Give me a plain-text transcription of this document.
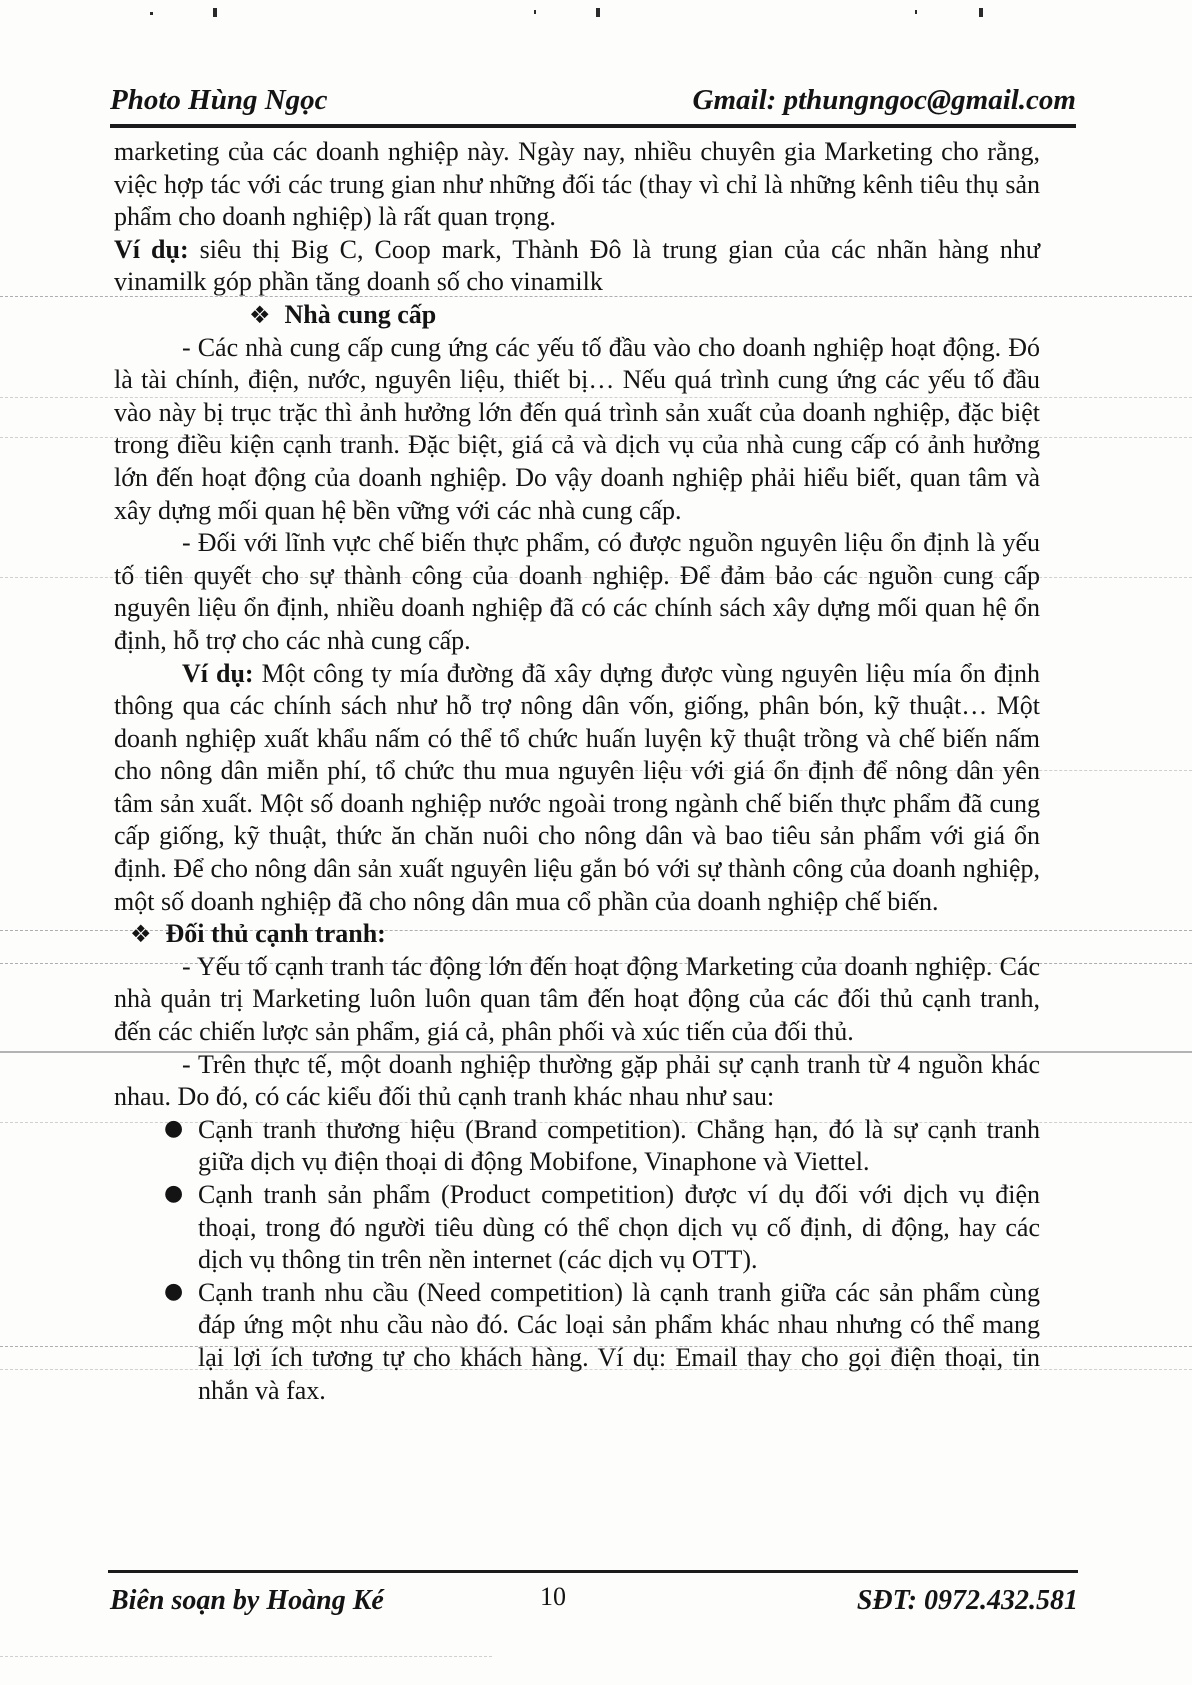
Photo Hùng Ngọc	Gmail: pthungngoc@gmail.com

marketing của các doanh nghiệp này. Ngày nay, nhiều chuyên gia Marketing cho rằng, việc hợp tác với các trung gian như những đối tác (thay vì chỉ là những kênh tiêu thụ sản phẩm cho doanh nghiệp) là rất quan trọng.

Ví dụ: siêu thị Big C, Coop mark, Thành Đô là trung gian của các nhãn hàng như vinamilk góp phần tăng doanh số cho vinamilk

❖ Nhà cung cấp

- Các nhà cung cấp cung ứng các yếu tố đầu vào cho doanh nghiệp hoạt động. Đó là tài chính, điện, nước, nguyên liệu, thiết bị… Nếu quá trình cung ứng các yếu tố đầu vào này bị trục trặc thì ảnh hưởng lớn đến quá trình sản xuất của doanh nghiệp, đặc biệt trong điều kiện cạnh tranh. Đặc biệt, giá cả và dịch vụ của nhà cung cấp có ảnh hưởng lớn đến hoạt động của doanh nghiệp. Do vậy doanh nghiệp phải hiểu biết, quan tâm và xây dựng mối quan hệ bền vững với các nhà cung cấp.

- Đối với lĩnh vực chế biến thực phẩm, có được nguồn nguyên liệu ổn định là yếu tố tiên quyết cho sự thành công của doanh nghiệp. Để đảm bảo các nguồn cung cấp nguyên liệu ổn định, nhiều doanh nghiệp đã có các chính sách xây dựng mối quan hệ ổn định, hỗ trợ cho các nhà cung cấp.

Ví dụ: Một công ty mía đường đã xây dựng được vùng nguyên liệu mía ổn định thông qua các chính sách như hỗ trợ nông dân vốn, giống, phân bón, kỹ thuật… Một doanh nghiệp xuất khẩu nấm có thể tổ chức huấn luyện kỹ thuật trồng và chế biến nấm cho nông dân miễn phí, tổ chức thu mua nguyên liệu với giá ổn định để nông dân yên tâm sản xuất. Một số doanh nghiệp nước ngoài trong ngành chế biến thực phẩm đã cung cấp giống, kỹ thuật, thức ăn chăn nuôi cho nông dân và bao tiêu sản phẩm với giá ổn định. Để cho nông dân sản xuất nguyên liệu gắn bó với sự thành công của doanh nghiệp, một số doanh nghiệp đã cho nông dân mua cổ phần của doanh nghiệp chế biến.

❖ Đối thủ cạnh tranh:

- Yếu tố cạnh tranh tác động lớn đến hoạt động Marketing của doanh nghiệp. Các nhà quản trị Marketing luôn luôn quan tâm đến hoạt động của các đối thủ cạnh tranh, đến các chiến lược sản phẩm, giá cả, phân phối và xúc tiến của đối thủ.

- Trên thực tế, một doanh nghiệp thường gặp phải sự cạnh tranh từ 4 nguồn khác nhau. Do đó, có các kiểu đối thủ cạnh tranh khác nhau như sau:

● Cạnh tranh thương hiệu (Brand competition). Chẳng hạn, đó là sự cạnh tranh giữa dịch vụ điện thoại di động Mobifone, Vinaphone và Viettel.
● Cạnh tranh sản phẩm (Product competition) được ví dụ đối với dịch vụ điện thoại, trong đó người tiêu dùng có thể chọn dịch vụ cố định, di động, hay các dịch vụ thông tin trên nền internet (các dịch vụ OTT).
● Cạnh tranh nhu cầu (Need competition) là cạnh tranh giữa các sản phẩm cùng đáp ứng một nhu cầu nào đó. Các loại sản phẩm khác nhau nhưng có thể mang lại lợi ích tương tự cho khách hàng. Ví dụ: Email thay cho gọi điện thoại, tin nhắn và fax.
Biên soạn by Hoàng Ké	10	SĐT: 0972.432.581
